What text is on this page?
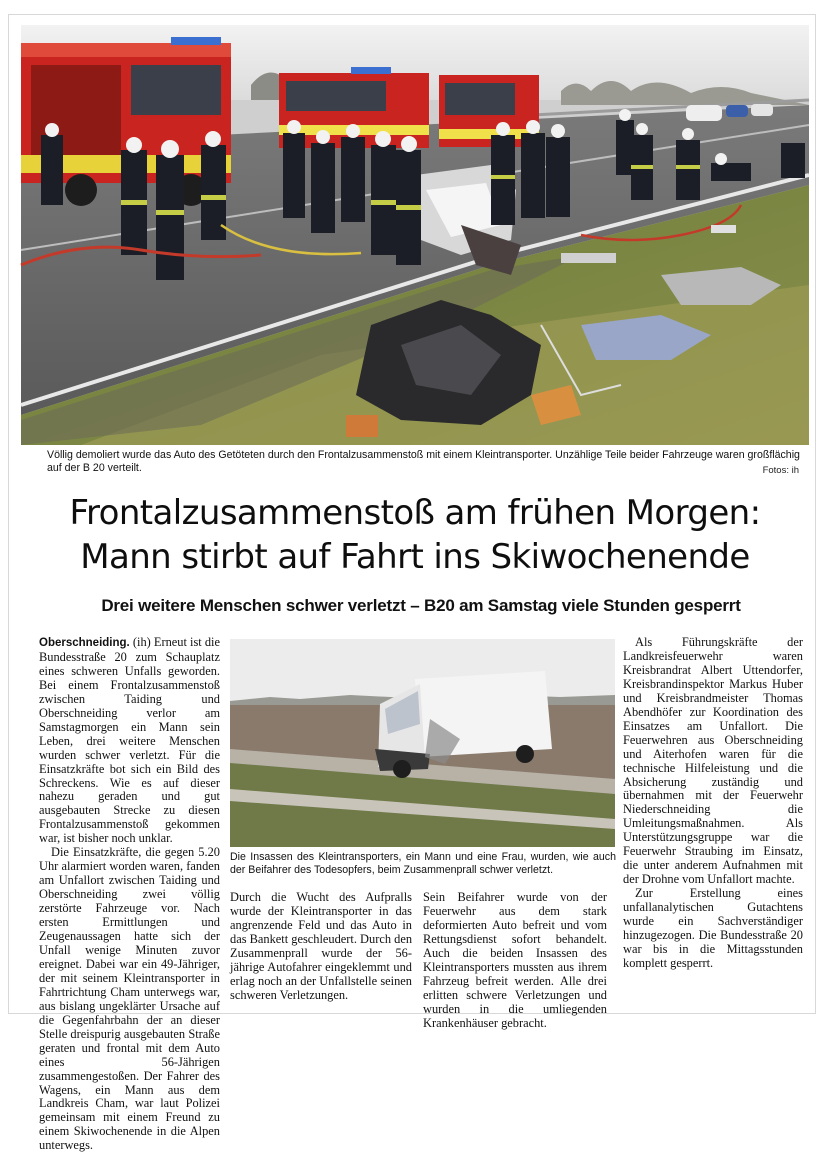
Völlig demoliert wurde das Auto des Getöteten durch den Frontalzusammenstoß mit einem Kleintransporter. Unzählige Teile beider Fahrzeuge waren großflächig auf der B 20 verteilt.	Fotos: ih
Frontalzusammenstoß am frühen Morgen:
Mann stirbt auf Fahrt ins Skiwochenende
Drei weitere Menschen schwer verletzt – B20 am Samstag viele Stunden gesperrt

Oberschneiding. (ih) Erneut ist die Bundesstraße 20 zum Schauplatz eines schweren Unfalls geworden. Bei einem Frontalzusammenstoß zwischen Taiding und Oberschneiding verlor am Samstagmorgen ein Mann sein Leben, drei weitere Menschen wurden schwer verletzt. Für die Einsatzkräfte bot sich ein Bild des Schreckens. Wie es auf dieser nahezu geraden und gut ausgebauten Strecke zu diesen Frontalzusammenstoß gekommen war, ist bisher noch unklar.

Die Einsatzkräfte, die gegen 5.20 Uhr alarmiert worden waren, fanden am Unfallort zwischen Taiding und Oberschneiding zwei völlig zerstörte Fahrzeuge vor. Nach ersten Ermittlungen und Zeugenaussagen hatte sich der Unfall wenige Minuten zuvor ereignet. Dabei war ein 49-Jähriger, der mit seinem Kleintransporter in Fahrtrichtung Cham unterwegs war, aus bislang ungeklärter Ursache auf die Gegenfahrbahn der an dieser Stelle dreispurig ausgebauten Straße geraten und frontal mit dem Auto eines 56-Jährigen zusammengestoßen. Der Fahrer des Wagens, ein Mann aus dem Landkreis Cham, war laut Polizei gemeinsam mit einem Freund zu einem Skiwochenende in die Alpen unterwegs.

Die Insassen des Kleintransporters, ein Mann und eine Frau, wurden, wie auch der Beifahrer des Todesopfers, beim Zusammenprall schwer verletzt.

Durch die Wucht des Aufpralls wurde der Kleintransporter in das angrenzende Feld und das Auto in das Bankett geschleudert. Durch den Zusammenprall wurde der 56-jährige Autofahrer eingeklemmt und erlag noch an der Unfallstelle seinen schweren Verletzungen.

Sein Beifahrer wurde von der Feuerwehr aus dem stark deformierten Auto befreit und vom Rettungsdienst sofort behandelt. Auch die beiden Insassen des Kleintransporters mussten aus ihrem Fahrzeug befreit werden. Alle drei erlitten schwere Verletzungen und wurden in die umliegenden Krankenhäuser gebracht.

Als Führungskräfte der Landkreisfeuerwehr waren Kreisbrandrat Albert Uttendorfer, Kreisbrandinspektor Markus Huber und Kreisbrandmeister Thomas Abendhöfer zur Koordination des Einsatzes am Unfallort. Die Feuerwehren aus Oberschneiding und Aiterhofen waren für die technische Hilfeleistung und die Absicherung zuständig und übernahmen mit der Feuerwehr Niederschneiding die Umleitungsmaßnahmen. Als Unterstützungsgruppe war die Feuerwehr Straubing im Einsatz, die unter anderem Aufnahmen mit der Drohne vom Unfallort machte.

Zur Erstellung eines unfallanalytischen Gutachtens wurde ein Sachverständiger hinzugezogen. Die Bundesstraße 20 war bis in die Mittagsstunden komplett gesperrt.
